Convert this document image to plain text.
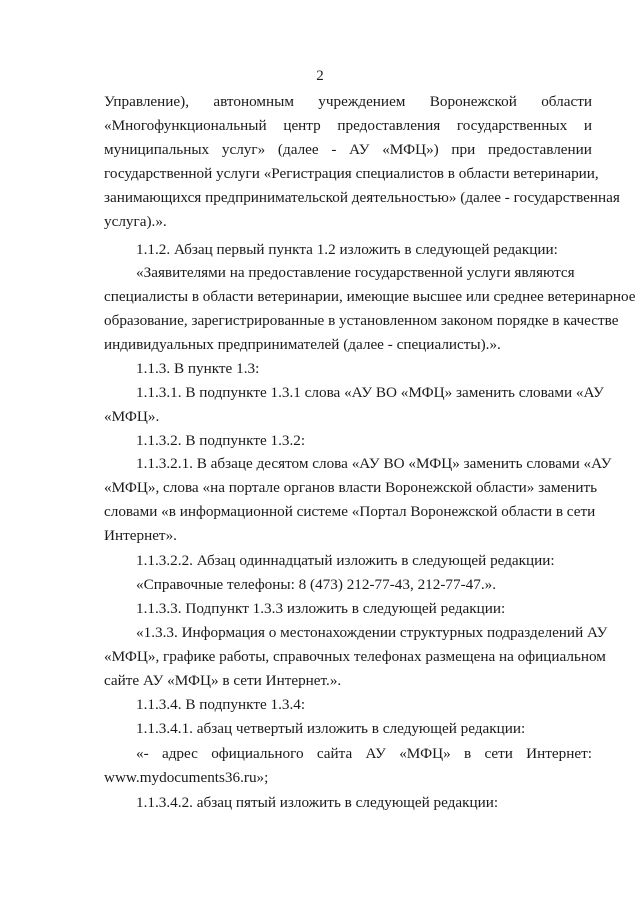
2
Управление), автономным учреждением Воронежской области
«Многофункциональный центр предоставления государственных и
муниципальных услуг» (далее - АУ «МФЦ») при предоставлении
государственной услуги «Регистрация специалистов в области ветеринарии,
занимающихся предпринимательской деятельностью» (далее - государственная
услуга).».
1.1.2. Абзац первый пункта 1.2 изложить в следующей редакции:
«Заявителями на предоставление государственной услуги являются
специалисты в области ветеринарии, имеющие высшее или среднее ветеринарное
образование, зарегистрированные в установленном законом порядке в качестве
индивидуальных предпринимателей (далее - специалисты).».
1.1.3. В пункте 1.3:
1.1.3.1. В подпункте 1.3.1 слова «АУ ВО «МФЦ» заменить словами «АУ
«МФЦ».
1.1.3.2. В подпункте 1.3.2:
1.1.3.2.1. В абзаце десятом слова «АУ ВО «МФЦ» заменить словами «АУ
«МФЦ», слова «на портале органов власти Воронежской области» заменить
словами «в информационной системе «Портал Воронежской области в сети
Интернет».
1.1.3.2.2. Абзац одиннадцатый изложить в следующей редакции:
«Справочные телефоны: 8 (473) 212-77-43, 212-77-47.».
1.1.3.3. Подпункт 1.3.3 изложить в следующей редакции:
«1.3.3. Информация о местонахождении структурных подразделений АУ
«МФЦ», графике работы, справочных телефонах размещена на официальном
сайте АУ «МФЦ» в сети Интернет.».
1.1.3.4. В подпункте 1.3.4:
1.1.3.4.1. абзац четвертый изложить в следующей редакции:
«- адрес официального сайта АУ «МФЦ» в сети Интернет:
www.mydocuments36.ru»;
1.1.3.4.2. абзац пятый изложить в следующей редакции:
